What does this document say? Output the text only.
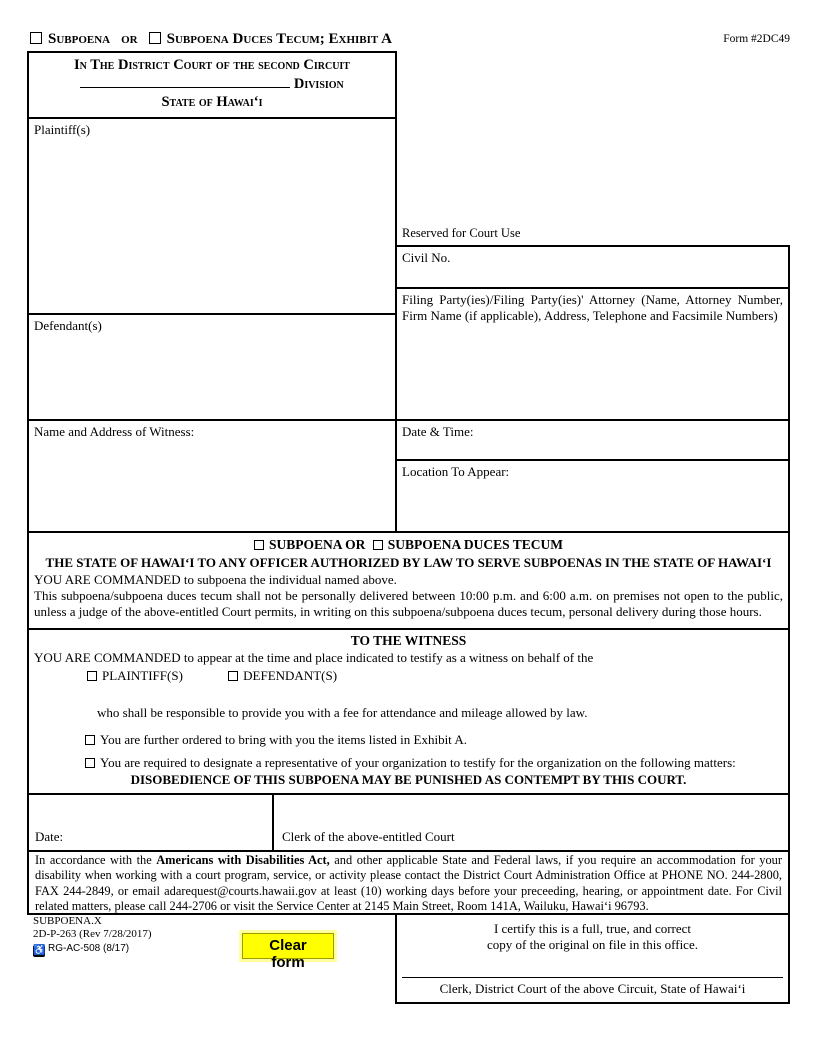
Subpoena or Subpoena Duces Tecum; Exhibit A	Form #2DC49
In The District Court of the second Circuit
Division
State of Hawai‘i
Plaintiff(s)
Defendant(s)
Name and Address of Witness:
Reserved for Court Use
Civil No.
Filing Party(ies)/Filing Party(ies)' Attorney (Name, Attorney Number, Firm Name (if applicable), Address, Telephone and Facsimile Numbers)
Date & Time:
Location To Appear:
SUBPOENA OR SUBPOENA DUCES TECUM
THE STATE OF HAWAI‘I TO ANY OFFICER AUTHORIZED BY LAW TO SERVE SUBPOENAS IN THE STATE OF HAWAI‘I
YOU ARE COMMANDED to subpoena the individual named above.
This subpoena/subpoena duces tecum shall not be personally delivered between 10:00 p.m. and 6:00 a.m. on premises not open to the public, unless a judge of the above-entitled Court permits, in writing on this subpoena/subpoena duces tecum, personal delivery during those hours.
TO THE WITNESS
YOU ARE COMMANDED to appear at the time and place indicated to testify as a witness on behalf of the
PLAINTIFF(S)	DEFENDANT(S)
who shall be responsible to provide you with a fee for attendance and mileage allowed by law.
You are further ordered to bring with you the items listed in Exhibit A.
You are required to designate a representative of your organization to testify for the organization on the following matters:
DISOBEDIENCE OF THIS SUBPOENA MAY BE PUNISHED AS CONTEMPT BY THIS COURT.
Date:	Clerk of the above-entitled Court
In accordance with the Americans with Disabilities Act, and other applicable State and Federal laws, if you require an accommodation for your disability when working with a court program, service, or activity please contact the District Court Administration Office at PHONE NO. 244-2800, FAX 244-2849, or email adarequest@courts.hawaii.gov at least (10) working days before your preceeding, hearing, or appointment date. For Civil related matters, please call 244-2706 or visit the Service Center at 2145 Main Street, Room 141A, Wailuku, Hawai‘i 96793.
SUBPOENA.X
2D-P-263 (Rev 7/28/2017)
♿ RG-AC-508 (8/17)	Clear form
I certify this is a full, true, and correct
copy of the original on file in this office.
Clerk, District Court of the above Circuit, State of Hawai‘i
